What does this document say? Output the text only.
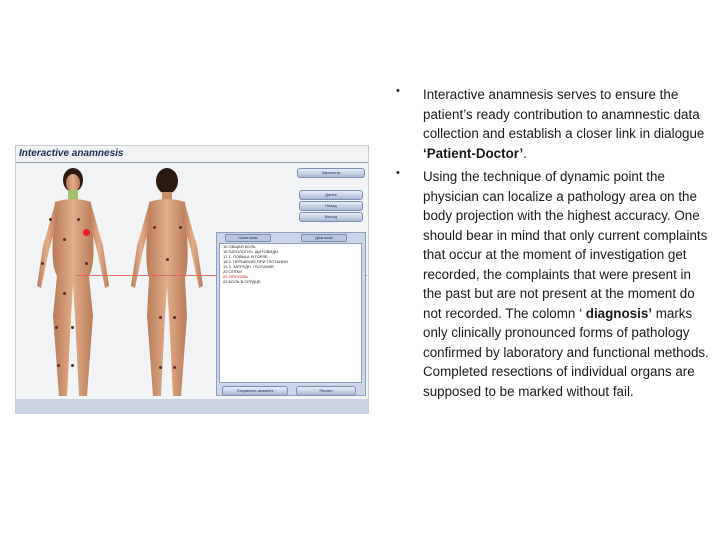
Interactive anamnesis
Зарегистр
Далее
Назад
Выход
Симптомы	Диагнозы
10 ОБЩАЯ БОЛЬ
16 ПАТОЛОГИЧ. ЩИТОВИДН.
17 1. ПОВЫШ. В ГОРЛЕ
18 2. ПЕРШЕНИЕ ПРИ ГЛОТАНИИ
19 3. ЗАТРУДН. ГЛОТАНИЕ
20 ОТЁКИ
21 ОПУХОЛЬ
22 БОЛЬ В СЕРДЦЕ
Сохранить анамнез	Печать
• Interactive anamnesis serves to ensure the patient’s ready contribution to anamnestic data collection and establish a closer link in dialogue ‘Patient-Doctor’.

• Using the technique of dynamic point the physician can localize a pathology area on the body projection with the highest accuracy. One should bear in mind that only current complaints that occur at the moment of investigation get recorded, the complaints that were present in the past but are not present at the moment do not recorded. The colomn ‘ diagnosis’ marks only clinically pronounced forms of pathology confirmed by laboratory and functional methods. Completed resections of individual organs are supposed to be marked without fail.
